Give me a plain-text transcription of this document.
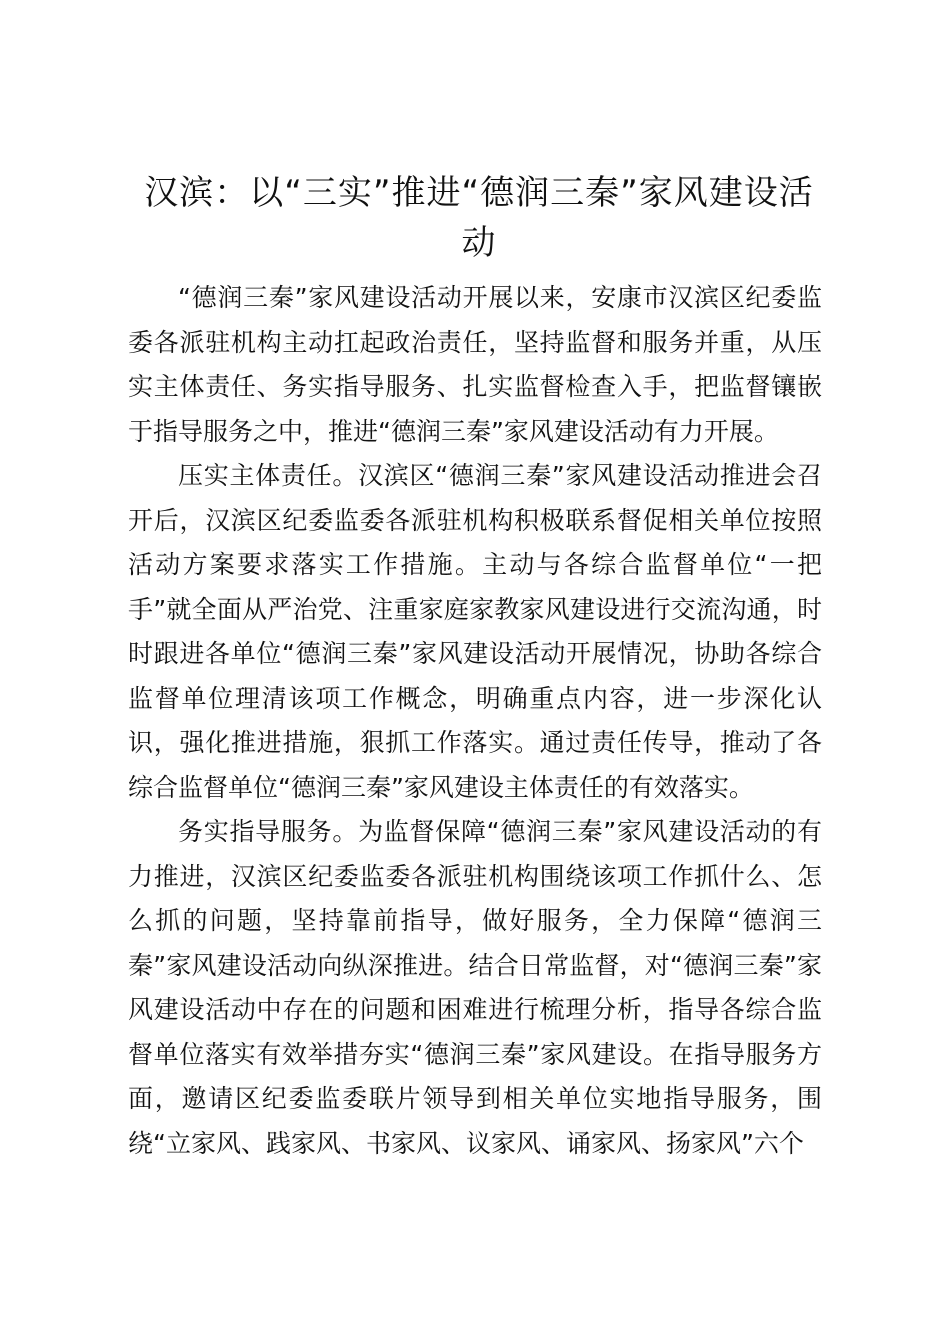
汉滨：以“三实”推进“德润三秦”家风建设活动

“德润三秦”家风建设活动开展以来，安康市汉滨区纪委监委各派驻机构主动扛起政治责任，坚持监督和服务并重，从压实主体责任、务实指导服务、扎实监督检查入手，把监督镶嵌于指导服务之中，推进“德润三秦”家风建设活动有力开展。

压实主体责任。汉滨区“德润三秦”家风建设活动推进会召开后，汉滨区纪委监委各派驻机构积极联系督促相关单位按照活动方案要求落实工作措施。主动与各综合监督单位“一把手”就全面从严治党、注重家庭家教家风建设进行交流沟通，时时跟进各单位“德润三秦”家风建设活动开展情况，协助各综合监督单位理清该项工作概念，明确重点内容，进一步深化认识，强化推进措施，狠抓工作落实。通过责任传导，推动了各综合监督单位“德润三秦”家风建设主体责任的有效落实。

务实指导服务。为监督保障“德润三秦”家风建设活动的有力推进，汉滨区纪委监委各派驻机构围绕该项工作抓什么、怎么抓的问题，坚持靠前指导，做好服务，全力保障“德润三秦”家风建设活动向纵深推进。结合日常监督，对“德润三秦”家风建设活动中存在的问题和困难进行梳理分析，指导各综合监督单位落实有效举措夯实“德润三秦”家风建设。在指导服务方面，邀请区纪委监委联片领导到相关单位实地指导服务，围绕“立家风、践家风、书家风、议家风、诵家风、扬家风”六个
